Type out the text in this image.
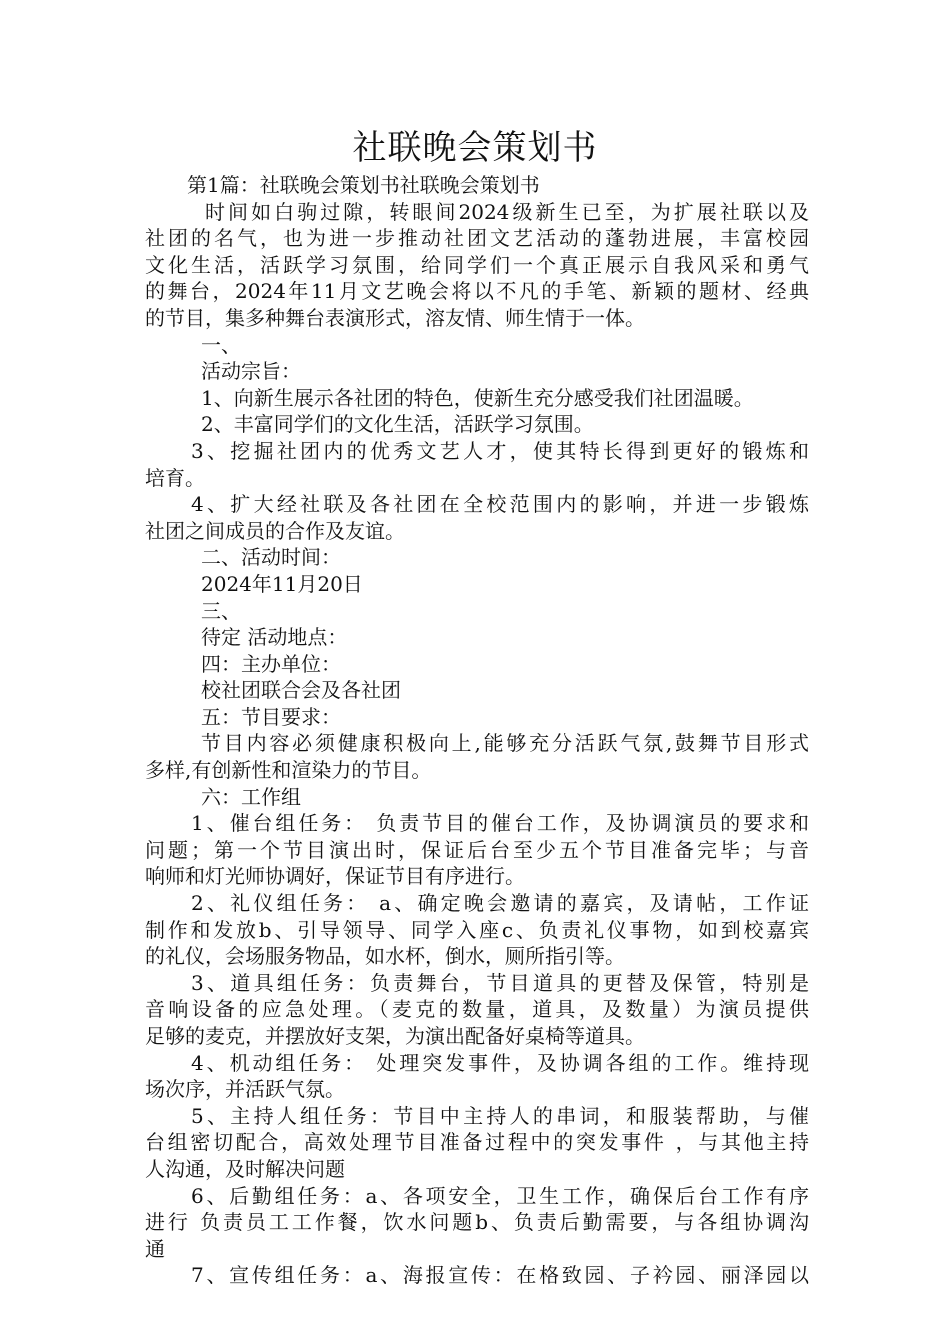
社联晚会策划书
第1篇：社联晚会策划书社联晚会策划书
时间如白驹过隙，转眼间2024级新生已至，为扩展社联以及
社团的名气，也为进一步推动社团文艺活动的蓬勃进展，丰富校园
文化生活，活跃学习氛围，给同学们一个真正展示自我风采和勇气
的舞台，2024年11月文艺晚会将以不凡的手笔、新颖的题材、经典
的节目，集多种舞台表演形式，溶友情、师生情于一体。
一、
活动宗旨：
1、向新生展示各社团的特色，使新生充分感受我们社团温暖。
2、丰富同学们的文化生活，活跃学习氛围。
3、挖掘社团内的优秀文艺人才，使其特长得到更好的锻炼和
培育。
4、扩大经社联及各社团在全校范围内的影响，并进一步锻炼
社团之间成员的合作及友谊。
二、活动时间：
2024年11月20日
三、
待定 活动地点：
四：主办单位：
校社团联合会及各社团
五：节目要求：
节目内容必须健康积极向上,能够充分活跃气氛,鼓舞节目形式
多样,有创新性和渲染力的节目。
六：工作组
1、催台组任务： 负责节目的催台工作，及协调演员的要求和
问题；第一个节目演出时，保证后台至少五个节目准备完毕；与音
响师和灯光师协调好，保证节目有序进行。
2、礼仪组任务： a、确定晚会邀请的嘉宾，及请帖，工作证
制作和发放b、引导领导、同学入座c、负责礼仪事物，如到校嘉宾
的礼仪，会场服务物品，如水杯，倒水，厕所指引等。
3、道具组任务：负责舞台，节目道具的更替及保管，特别是
音响设备的应急处理。（麦克的数量，道具，及数量）为演员提供
足够的麦克，并摆放好支架，为演出配备好桌椅等道具。
4、机动组任务： 处理突发事件，及协调各组的工作。维持现
场次序，并活跃气氛。
5、主持人组任务：节目中主持人的串词，和服装帮助，与催
台组密切配合，高效处理节目准备过程中的突发事件 ，与其他主持
人沟通，及时解决问题
6、后勤组任务：a、各项安全，卫生工作，确保后台工作有序
进行 负责员工工作餐，饮水问题b、负责后勤需要，与各组协调沟
通
7、宣传组任务：a、海报宣传：在格致园、子衿园、丽泽园以
